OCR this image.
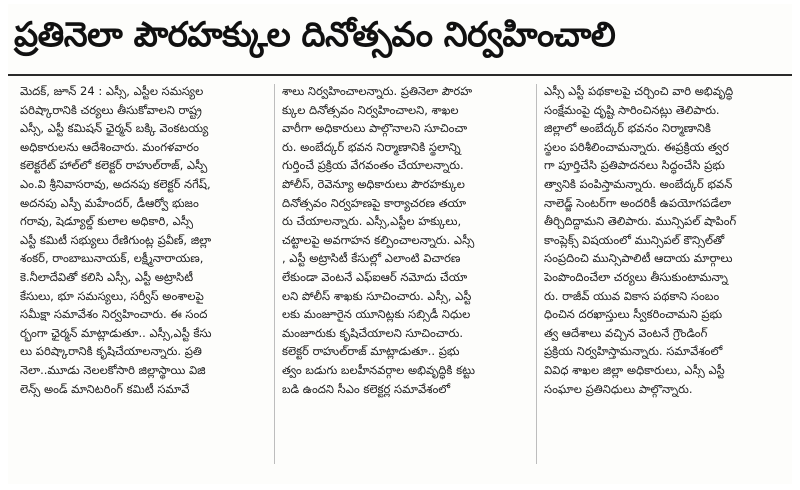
ప్రతినెలా పౌరహక్కుల దినోత్సవం నిర్వహించాలి
మెదక్‌, జూన్‌ 24 : ఎస్సీ, ఎస్టీల సమస్యల
పరిష్కారానికి చర్యలు తీసుకోవాలని రాష్ట్ర
ఎస్సీ, ఎస్టీ కమిషన్‌ ఛైర్మన్‌ బక్కి వెంకటయ్య
అధికారులను ఆదేశించారు. మంగళవారం
కలెక్టరేట్‌ హాల్‌లో కలెక్టర్‌ రాహుల్‌రాజ్‌, ఎస్పీ
ఎం.వి శ్రీనివాసరావు, అదనపు కలెక్టర్‌ నగేష్‌,
అదనపు ఎస్పీ మహేందర్‌, డీఆర్వో భుజం
గరావు, షెడ్యూల్డ్‌ కులాల అధికారి, ఎస్సీ
ఎస్టీ కమిటీ సభ్యులు రేణిగుంట్ల ప్రవీణ్‌, జిల్లా
శంకర్‌, రాంబాబునాయక్‌, లక్ష్మీనారాయణ,
కె.నీలాదేవితో కలిసి ఎస్సీ, ఎస్టీ అట్రాసిటీ
కేసులు, భూ సమస్యలు, సర్వీస్‌ అంశాలపై
సమీక్షా సమావేశం నిర్వహించారు. ఈ సంద
ర్భంగా ఛైర్మన్‌ మాట్లాడుతూ.. ఎస్సీ,ఎస్టీ కేసు
లు పరిష్కారానికి కృషిచేయాలన్నారు. ప్రతి
నెలా..మూడు నెలలకోసారి జిల్లాస్థాయి విజి
లెన్స్‌ అండ్‌ మానిటరింగ్‌ కమిటీ సమావే
శాలు నిర్వహించాలన్నారు. ప్రతినెలా పౌరహ
క్కుల దినోత్సవం నిర్వహించాలని, శాఖల
వారీగా అధికారులు పాల్గొనాలని సూచించా
రు. అంబేద్కర్‌ భవన నిర్మాణానికి స్థలాన్ని
గుర్తించే ప్రక్రియ వేగవంతం చేయాలన్నారు.
పోలీస్‌, రెవెన్యూ అధికారులు పౌరహక్కుల
దినోత్సవం నిర్వహణపై కార్యాచరణ తయా
రు చేయాలన్నారు. ఎస్సీ,ఎస్టీల హక్కులు,
చట్టాలపై అవగాహన కల్పించాలన్నారు. ఎస్సీ
, ఎస్టీ అట్రాసిటీ కేసుల్లో ఎలాంటి విచారణ
లేకుండా వెంటనే ఎఫ్‌ఐఆర్‌ నమోదు చేయా
లని పోలీస్‌ శాఖకు సూచించారు. ఎస్సీ, ఎస్టీ
లకు మంజూరైన యూనిట్లకు సబ్సిడీ నిధుల
మంజూరుకు కృషిచేయాలని సూచించారు.
కలెక్టర్‌ రాహుల్‌రాజ్‌ మాట్లాడుతూ.. ప్రభు
త్వం బడుగు బలహీనవర్గాల అభివృద్ధికి కట్టు
బడి ఉందని సీఎం కలెక్టర్ల సమావేశంలో
ఎస్సీ ఎస్టీ పథకాలపై చర్చించి వారి అభివృద్ధి
సంక్షేమంపై దృష్టి సారించినట్లు తెలిపారు.
జిల్లాలో అంబేద్కర్‌ భవనం నిర్మాణానికి
స్థలం పరిశీలించామన్నారు. ఈప్రక్రియ త్వర
గా పూర్తిచేసి ప్రతిపాదనలు సిద్ధంచేసి ప్రభు
త్వానికి పంపిస్తామన్నారు. అంబేద్కర్‌ భవన్‌
నాలెడ్జ్‌ సెంటర్‌గా అందరికీ ఉపయోగపడేలా
తీర్చిదిద్దామని తెలిపారు. మున్సిపల్‌ షాపింగ్‌
కాంప్లెక్స్‌ విషయంలో మున్సిపల్‌ కౌన్సిల్‌తో
సంప్రదించి మున్సిపాలిటీ ఆదాయ మార్గాలు
పెంపొందించేలా చర్యలు తీసుకుంటామన్నా
రు. రాజీవ్‌ యువ వికాస పథకాని సంబం
ధించిన దరఖాస్తులు స్వీకరించామని ప్రభు
త్వ ఆదేశాలు వచ్చిన వెంటనే గ్రౌండింగ్‌
ప్రక్రియ నిర్వహిస్తామన్నారు. సమావేశంలో
వివిధ శాఖల జిల్లా అధికారులు, ఎస్సీ ఎస్టీ
సంఘాల ప్రతినిధులు పాల్గొన్నారు.
